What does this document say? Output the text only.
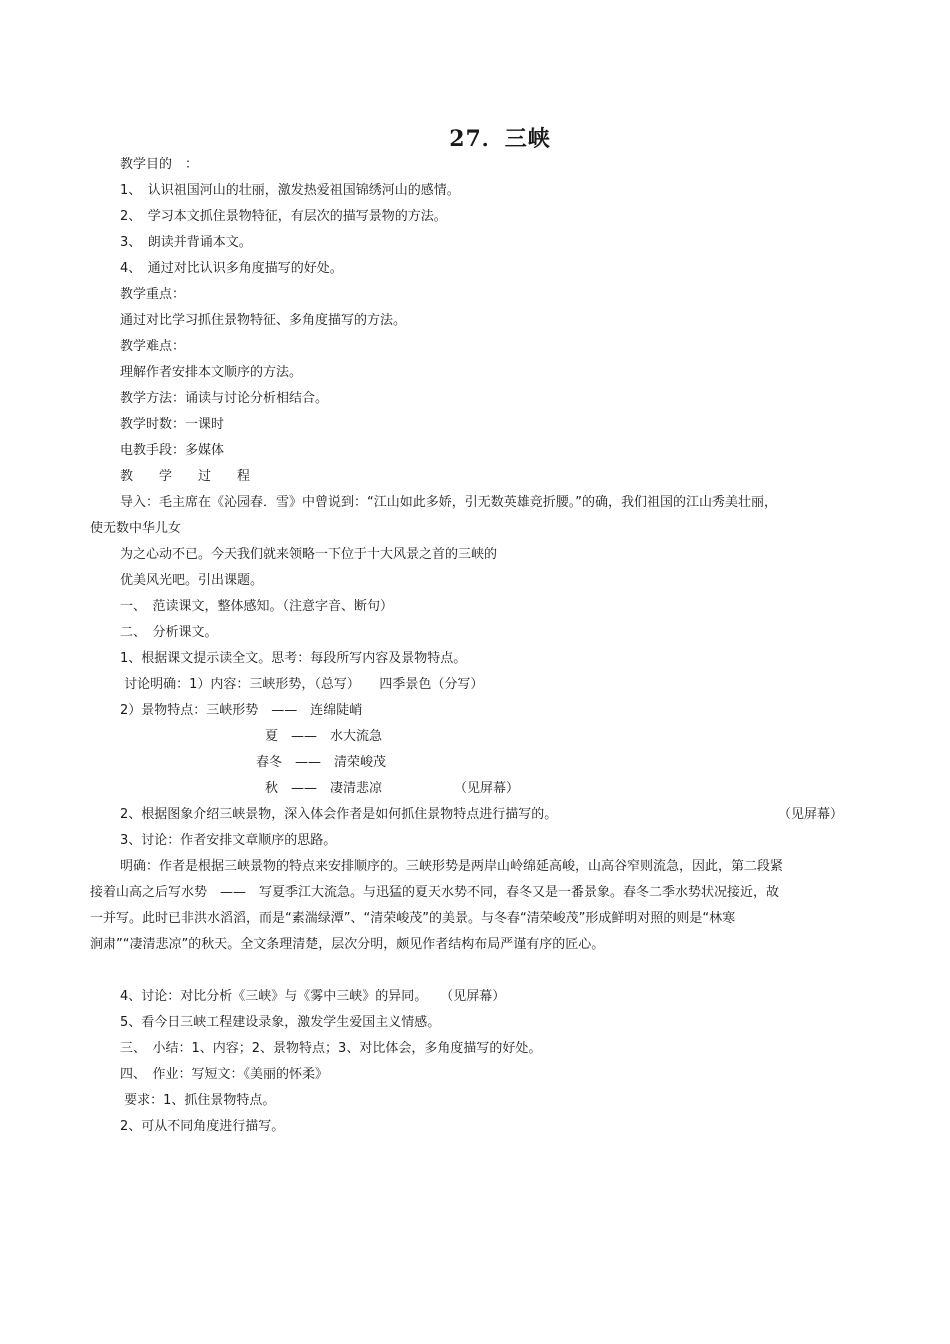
27．三峡
教学目的　：
1、　认识祖国河山的壮丽，激发热爱祖国锦绣河山的感情。
2、　学习本文抓住景物特征，有层次的描写景物的方法。
3、　朗读并背诵本文。
4、　通过对比认识多角度描写的好处。
教学重点：
通过对比学习抓住景物特征、多角度描写的方法。
教学难点：
理解作者安排本文顺序的方法。
教学方法：诵读与讨论分析相结合。
教学时数：一课时
电教手段：多媒体
教　　学　　过　　程
导入：毛主席在《沁园春．雪》中曾说到：“江山如此多娇，引无数英雄竞折腰。”的确，我们祖国的江山秀美壮丽，
使无数中华儿女
为之心动不已。今天我们就来领略一下位于十大风景之首的三峡的
优美风光吧。引出课题。
一、　范读课文，整体感知。（注意字音、断句）
二、　分析课文。
1、根据课文提示读全文。思考：每段所写内容及景物特点。
讨论明确：1）内容：三峡形势，（总写）　　四季景色（分写）
2）景物特点：三峡形势　——　连绵陡峭
夏　——　水大流急
春冬　——　清荣峻茂
秋　——　凄清悲凉	（见屏幕）
2、根据图象介绍三峡景物，深入体会作者是如何抓住景物特点进行描写的。	（见屏幕）
3、讨论：作者安排文章顺序的思路。
明确：作者是根据三峡景物的特点来安排顺序的。三峡形势是两岸山岭绵延高峻，山高谷窄则流急，因此，第二段紧
接着山高之后写水势　——　写夏季江大流急。与迅猛的夏天水势不同，春冬又是一番景象。春冬二季水势状况接近，故
一并写。此时已非洪水滔滔，而是“素湍绿潭”、“清荣峻茂”的美景。与冬春“清荣峻茂”形成鲜明对照的则是“林寒
涧肃”“凄清悲凉”的秋天。全文条理清楚，层次分明，颇见作者结构布局严谨有序的匠心。
4、讨论：对比分析《三峡》与《雾中三峡》的异同。　　（见屏幕）
5、看今日三峡工程建设录象，激发学生爱国主义情感。
三、　小结：1、内容；2、景物特点；3、对比体会，多角度描写的好处。
四、　作业：写短文：《美丽的怀柔》
要求：1、抓住景物特点。
2、可从不同角度进行描写。
